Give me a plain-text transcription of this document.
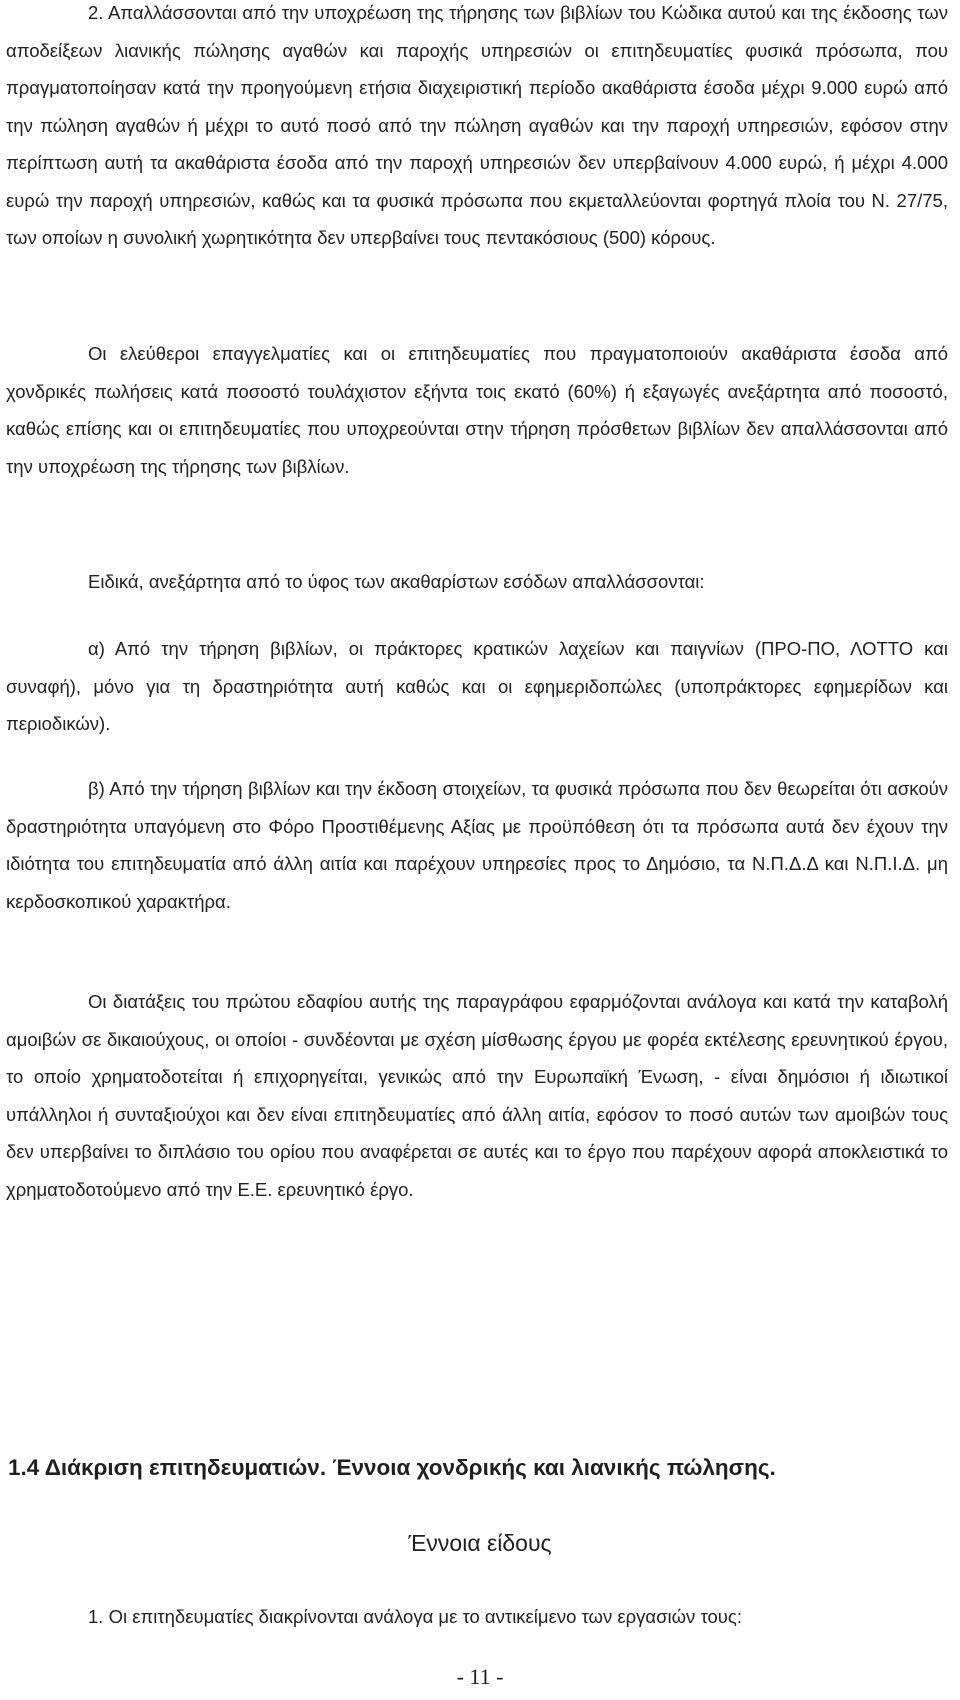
2. Απαλλάσσονται από την υποχρέωση της τήρησης των βιβλίων του Κώδικα αυτού και της έκδοσης των αποδείξεων λιανικής πώλησης αγαθών και παροχής υπηρεσιών οι επιτηδευματίες φυσικά πρόσωπα, που πραγματοποίησαν κατά την προηγούμενη ετήσια διαχειριστική περίοδο ακαθάριστα έσοδα μέχρι 9.000 ευρώ από την πώληση αγαθών ή μέχρι το αυτό ποσό από την πώληση αγαθών και την παροχή υπηρεσιών, εφόσον στην περίπτωση αυτή τα ακαθάριστα έσοδα από την παροχή υπηρεσιών δεν υπερβαίνουν 4.000 ευρώ, ή μέχρι 4.000 ευρώ την παροχή υπηρεσιών, καθώς και τα φυσικά πρόσωπα που εκμεταλλεύονται φορτηγά πλοία του Ν. 27/75, των οποίων η συνολική χωρητικότητα δεν υπερβαίνει τους πεντακόσιους (500) κόρους.

Οι ελεύθεροι επαγγελματίες και οι επιτηδευματίες που πραγματοποιούν ακαθάριστα έσοδα από χονδρικές πωλήσεις κατά ποσοστό τουλάχιστον εξήντα τοις εκατό (60%) ή εξαγωγές ανεξάρτητα από ποσοστό, καθώς επίσης και οι επιτηδευματίες που υποχρεούνται στην τήρηση πρόσθετων βιβλίων δεν απαλλάσσονται από την υποχρέωση της τήρησης των βιβλίων.

Ειδικά, ανεξάρτητα από το ύφος των ακαθαρίστων εσόδων απαλλάσσονται:

α) Από την τήρηση βιβλίων, οι πράκτορες κρατικών λαχείων και παιγνίων (ΠΡΟ-ΠΟ, ΛΟΤΤΟ και συναφή), μόνο για τη δραστηριότητα αυτή καθώς και οι εφημεριδοπώλες (υποπράκτορες εφημερίδων και περιοδικών).

β) Από την τήρηση βιβλίων και την έκδοση στοιχείων, τα φυσικά πρόσωπα που δεν θεωρείται ότι ασκούν δραστηριότητα υπαγόμενη στο Φόρο Προστιθέμενης Αξίας με προϋπόθεση ότι τα πρόσωπα αυτά δεν έχουν την ιδιότητα του επιτηδευματία από άλλη αιτία και παρέχουν υπηρεσίες προς το Δημόσιο, τα Ν.Π.Δ.Δ και Ν.Π.Ι.Δ. μη κερδοσκοπικού χαρακτήρα.

Οι διατάξεις του πρώτου εδαφίου αυτής της παραγράφου εφαρμόζονται ανάλογα και κατά την καταβολή αμοιβών σε δικαιούχους, οι οποίοι - συνδέονται με σχέση μίσθωσης έργου με φορέα εκτέλεσης ερευνητικού έργου, το οποίο χρηματοδοτείται ή επιχορηγείται, γενικώς από την Ευρωπαϊκή Ένωση, - είναι δημόσιοι ή ιδιωτικοί υπάλληλοι ή συνταξιούχοι και δεν είναι επιτηδευματίες από άλλη αιτία, εφόσον το ποσό αυτών των αμοιβών τους δεν υπερβαίνει το διπλάσιο του ορίου που αναφέρεται σε αυτές και το έργο που παρέχουν αφορά αποκλειστικά το χρηματοδοτούμενο από την Ε.Ε. ερευνητικό έργο.

1.4 Διάκριση επιτηδευματιών. Έννοια χονδρικής και λιανικής πώλησης.
Έννοια είδους

1. Οι επιτηδευματίες διακρίνονται ανάλογα με το αντικείμενο των εργασιών τους:

- 11 -
